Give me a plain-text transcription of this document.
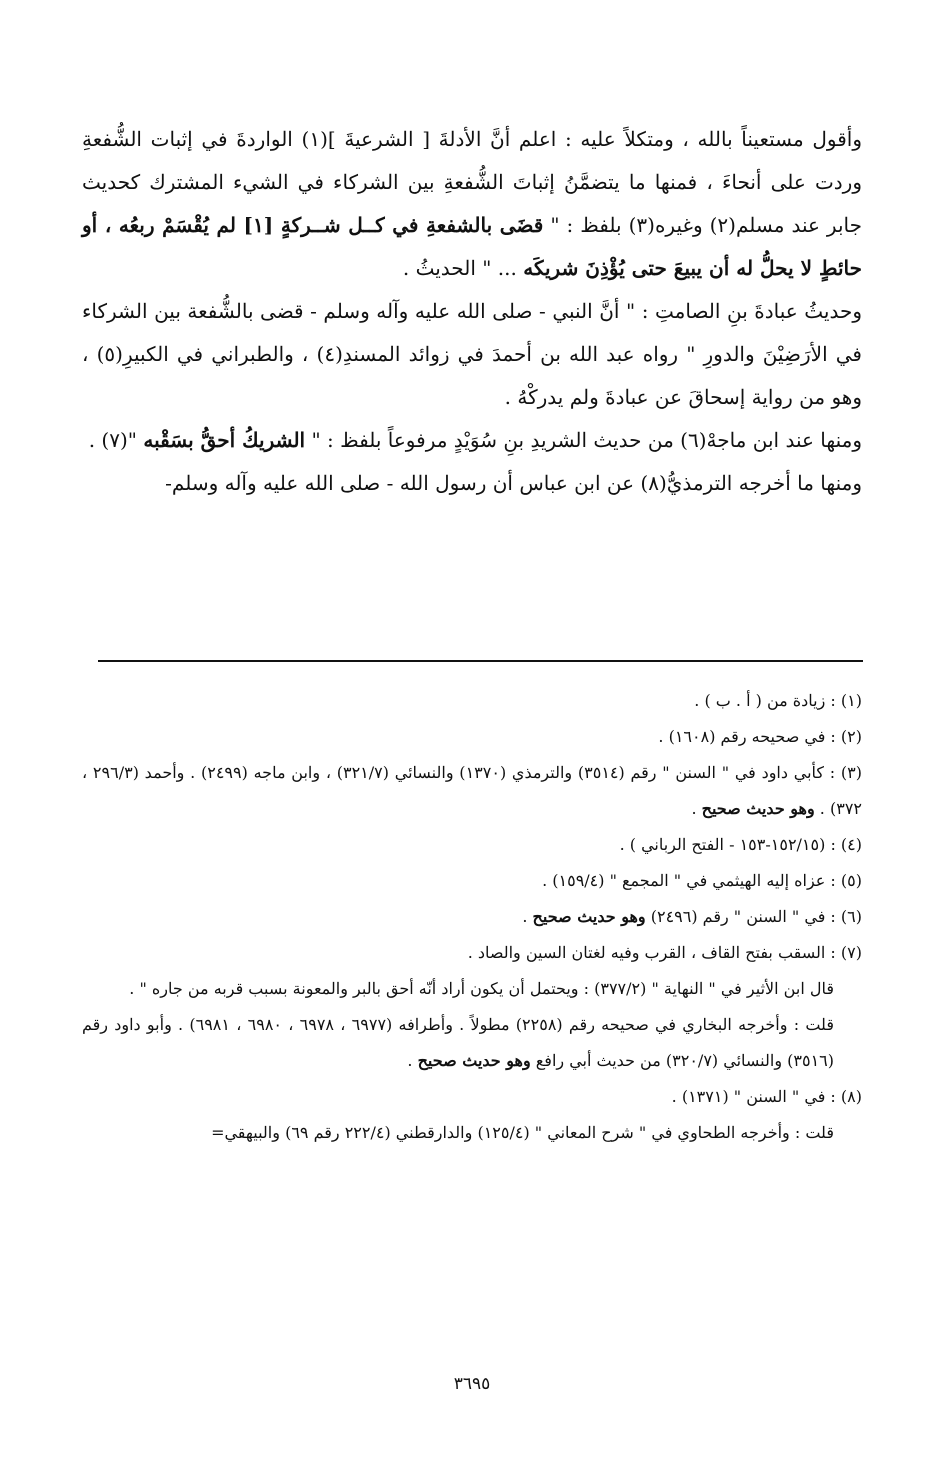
وأقول مستعيناً بالله ، ومتكلاً عليه : اعلم أنَّ الأدلةَ [ الشرعيةَ ](١) الواردةَ في إثبات الشُّفعةِ وردت على أنحاءَ ، فمنها ما يتضمَّنُ إثباتَ الشُّفعةِ بين الشركاء في الشيء المشترك كحديث جابر عند مسلم(٢) وغيره(٣) بلفظ : " قضَى بالشفعةِ في كــل شــركةٍ [١] لم يُقْسَمْ ربعُه ، أو حائطٍ لا يحلُّ له أن يبيعَ حتى يُؤْذِنَ شريكَه ... " الحديثُ .

وحديثُ عبادةَ بنِ الصامتِ : " أنَّ النبي - صلى الله عليه وآله وسلم - قضى بالشُّفعة بين الشركاء في الأرَضِيْنَ والدورِ " رواه عبد الله بن أحمدَ في زوائد المسندِ(٤) ، والطبراني في الكبيرِ(٥) ، وهو من رواية إسحاقَ عن عبادةَ ولم يدركْهُ .

ومنها عند ابن ماجهْ(٦) من حديث الشريدِ بنِ سُوَيْدٍ مرفوعاً بلفظ : " الشريكُ أحقُّ بسَقْبه "(٧) .

ومنها ما أخرجه الترمذيُّ(٨) عن ابن عباس أن رسول الله - صلى الله عليه وآله وسلم-

(١) : زيادة من ( أ . ب ) .

(٢) : في صحيحه رقم (١٦٠٨) .

(٣) : كأبي داود في " السنن " رقم (٣٥١٤) والترمذي (١٣٧٠) والنسائي (٣٢١/٧) ، وابن ماجه (٢٤٩٩) . وأحمد (٢٩٦/٣ ، ٣٧٢) . وهو حديث صحيح .

(٤) : (١٥٢/١٥-١٥٣ - الفتح الرباني ) .

(٥) : عزاه إليه الهيثمي في " المجمع " (١٥٩/٤) .

(٦) : في " السنن " رقم (٢٤٩٦) وهو حديث صحيح .

(٧) : السقب بفتح القاف ، القرب وفيه لغتان السين والصاد .

قال ابن الأثير في " النهاية " (٣٧٧/٢) : ويحتمل أن يكون أراد أنّه أحق بالبر والمعونة بسبب قربه من جاره " .

قلت : وأخرجه البخاري في صحيحه رقم (٢٢٥٨) مطولاً . وأطرافه (٦٩٧٧ ، ٦٩٧٨ ، ٦٩٨٠ ، ٦٩٨١) . وأبو داود رقم (٣٥١٦) والنسائي (٣٢٠/٧) من حديث أبي رافع وهو حديث صحيح .

(٨) : في " السنن " (١٣٧١) .

قلت : وأخرجه الطحاوي في " شرح المعاني " (١٢٥/٤) والدارقطني (٢٢٢/٤ رقم ٦٩) والبيهقي=

٣٦٩٥
